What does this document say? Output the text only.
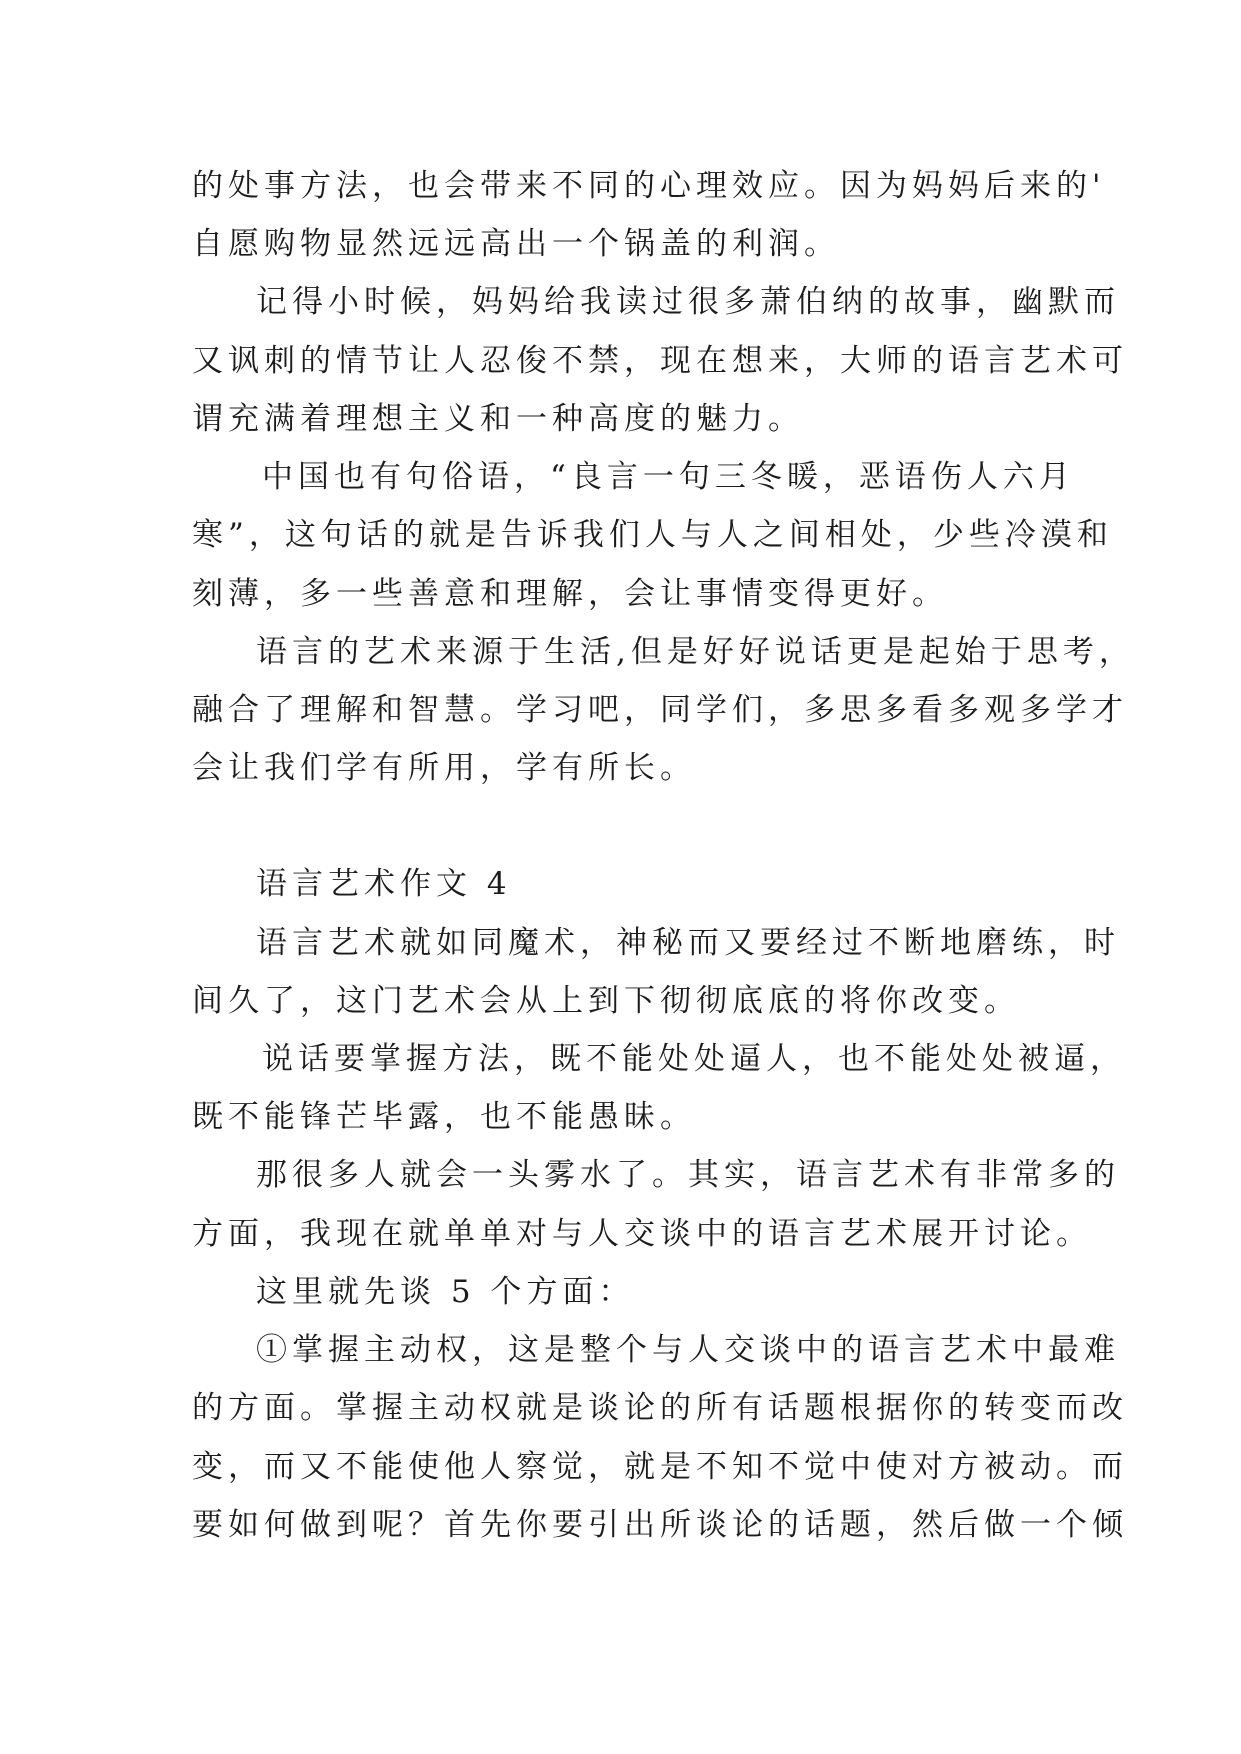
的处事方法，也会带来不同的心理效应。因为妈妈后来的'
自愿购物显然远远高出一个锅盖的利润。
记得小时候，妈妈给我读过很多萧伯纳的故事，幽默而
又讽刺的情节让人忍俊不禁，现在想来，大师的语言艺术可
谓充满着理想主义和一种高度的魅力。
中国也有句俗语，“良言一句三冬暖，恶语伤人六月
寒”，这句话的就是告诉我们人与人之间相处，少些冷漠和
刻薄，多一些善意和理解，会让事情变得更好。
语言的艺术来源于生活,但是好好说话更是起始于思考，
融合了理解和智慧。学习吧，同学们，多思多看多观多学才
会让我们学有所用，学有所长。
语言艺术作文 4
语言艺术就如同魔术，神秘而又要经过不断地磨练，时
间久了，这门艺术会从上到下彻彻底底的将你改变。
说话要掌握方法，既不能处处逼人，也不能处处被逼，
既不能锋芒毕露，也不能愚昧。
那很多人就会一头雾水了。其实，语言艺术有非常多的
方面，我现在就单单对与人交谈中的语言艺术展开讨论。
这里就先谈 5 个方面：
①掌握主动权，这是整个与人交谈中的语言艺术中最难
的方面。掌握主动权就是谈论的所有话题根据你的转变而改
变，而又不能使他人察觉，就是不知不觉中使对方被动。而
要如何做到呢？首先你要引出所谈论的话题，然后做一个倾
